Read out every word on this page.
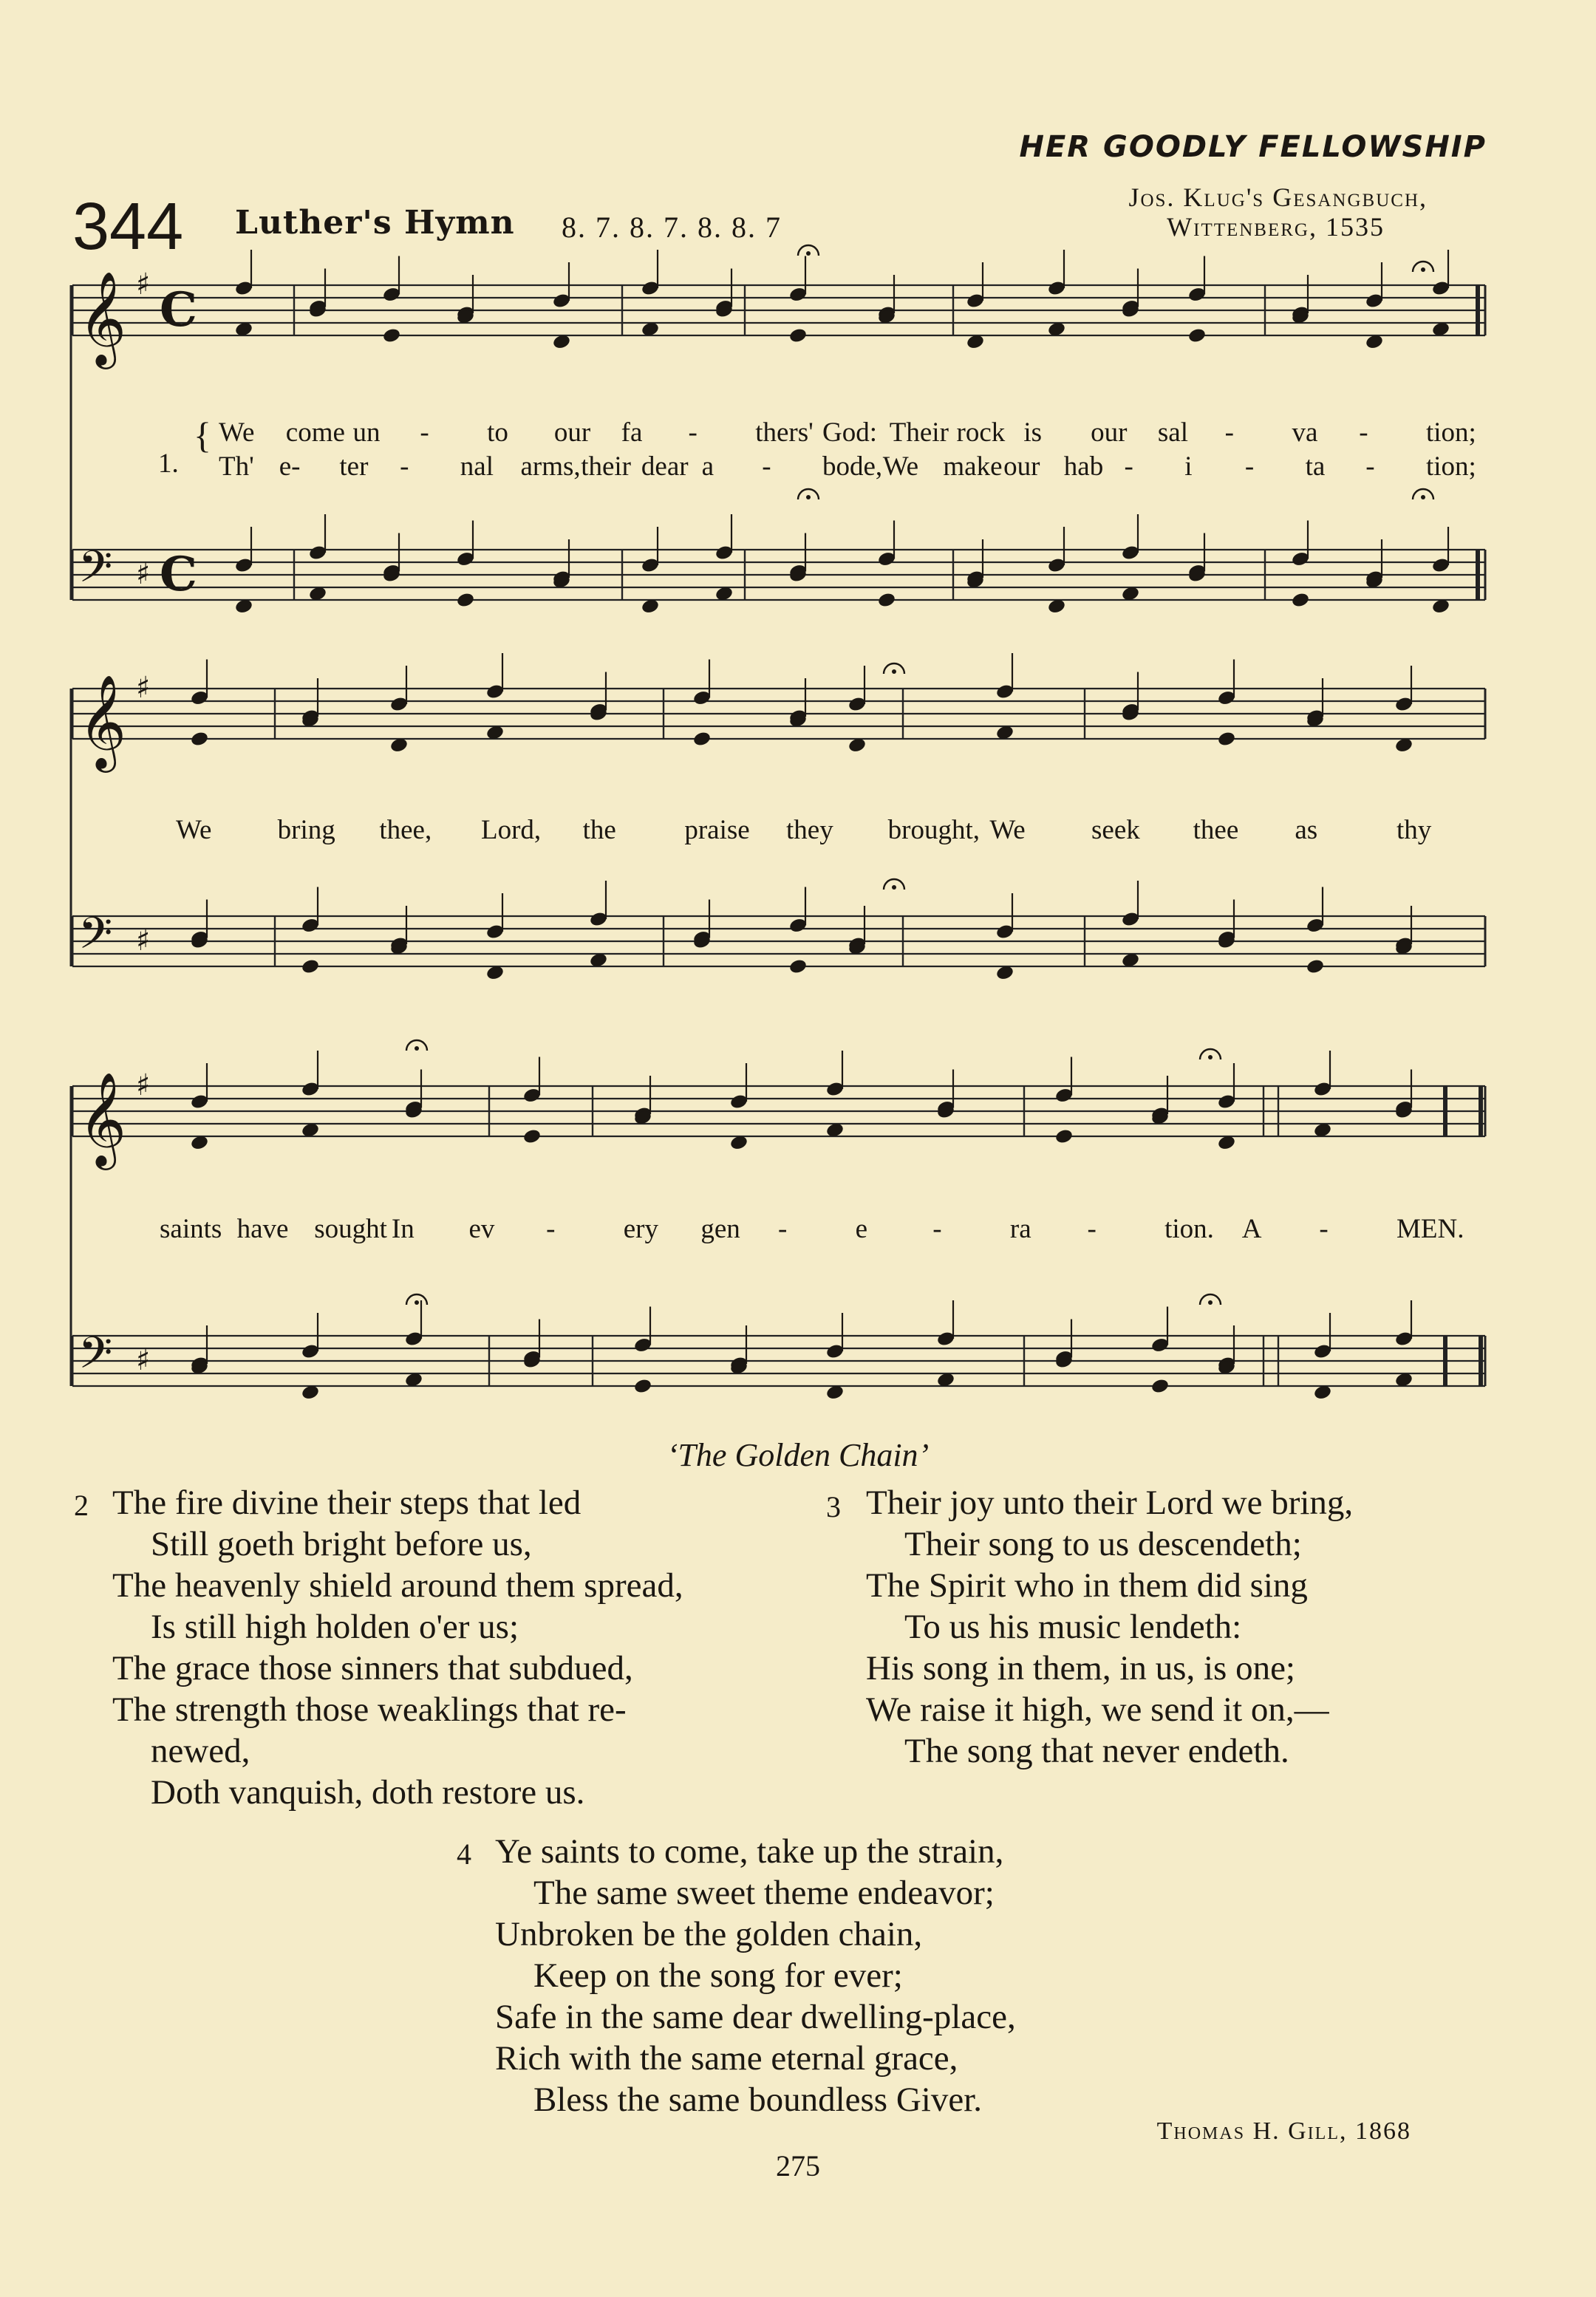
HER GOODLY FELLOWSHIP
344 Luther's Hymn 8. 7. 8. 7. 8. 8. 7
Jos. Klug's Gesangbuch,
Wittenberg, 1535
𝄞 ♯ C
𝄢 ♯ C
𝄞 ♯
𝄢 ♯
𝄞 ♯
𝄢 ♯
1.
{ We come un - to our fa - thers' God: Their rock is our sal - va - tion;
Th' e- ter - nal arms, their dear a - bode, We make our hab - i - ta - tion;
We bring thee, Lord, the praise they brought, We seek thee as	thy
saints have sought In ev - ery gen - e - ra - tion. A - MEN.
‘The Golden Chain’
2 The fire divine their steps that led
Still goeth bright before us,
The heavenly shield around them spread,
Is still high holden o'er us;
The grace those sinners that subdued,
The strength those weaklings that re-
newed,
Doth vanquish, doth restore us.
3 Their joy unto their Lord we bring,
Their song to us descendeth;
The Spirit who in them did sing
To us his music lendeth:
His song in them, in us, is one;
We raise it high, we send it on,—
The song that never endeth.
4 Ye saints to come, take up the strain,
The same sweet theme endeavor;
Unbroken be the golden chain,
Keep on the song for ever;
Safe in the same dear dwelling-place,
Rich with the same eternal grace,
Bless the same boundless Giver.
Thomas H. Gill, 1868
275
